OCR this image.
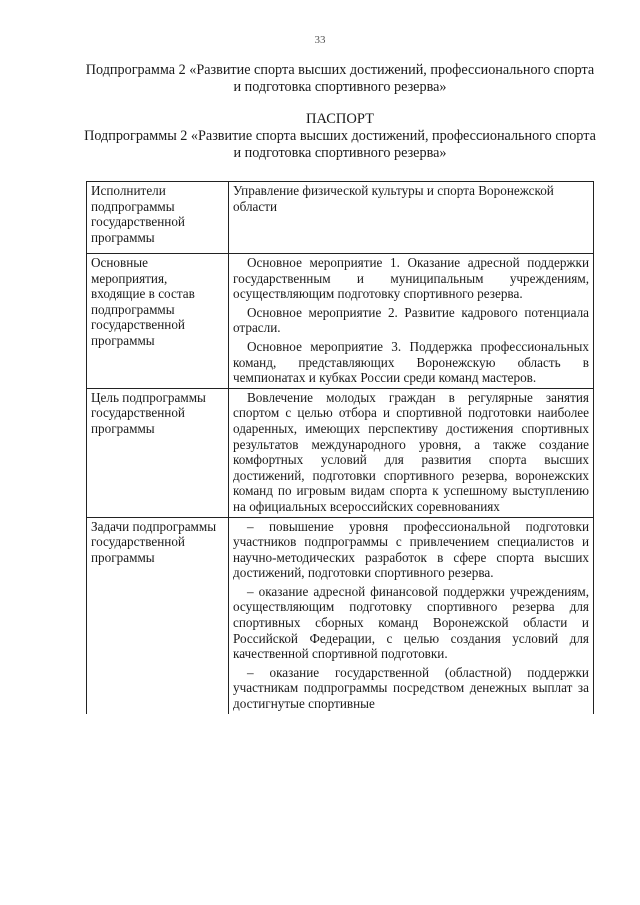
33
Подпрограмма 2 «Развитие спорта высших достижений, профессионального спорта и подготовка спортивного резерва»
ПАСПОРТ
Подпрограммы 2 «Развитие спорта высших достижений, профессионального спорта и подготовка спортивного резерва»
Исполнители подпрограммы государственной программы	Управление физической культуры и спорта Воронежской области

Основные мероприятия, входящие в состав подпрограммы государственной программы	Основное мероприятие 1. Оказание адресной поддержки государственным и муниципальным учреждениям, осуществляющим подготовку спортивного резерва.

Основное мероприятие 2. Развитие кадрового потенциала отрасли.

Основное мероприятие 3. Поддержка профессиональных команд, представляющих Воронежскую область в чемпионатах и кубках России среди команд мастеров.

Цель подпрограммы государственной программы	Вовлечение молодых граждан в регулярные занятия спортом с целью отбора и спортивной подготовки наиболее одаренных, имеющих перспективу достижения спортивных результатов международного уровня, а также создание комфортных условий для развития спорта высших достижений, подготовки спортивного резерва, воронежских команд по игровым видам спорта к успешному выступлению на официальных всероссийских соревнованиях

Задачи подпрограммы государственной программы	– повышение уровня профессиональной подготовки участников подпрограммы с привлечением специалистов и научно-методических разработок в сфере спорта высших достижений, подготовки спортивного резерва.

– оказание адресной финансовой поддержки учреждениям, осуществляющим подготовку спортивного резерва для спортивных сборных команд Воронежской области и Российской Федерации, с целью создания условий для качественной спортивной подготовки.

– оказание государственной (областной) поддержки участникам подпрограммы посредством денежных выплат за достигнутые спортивные
